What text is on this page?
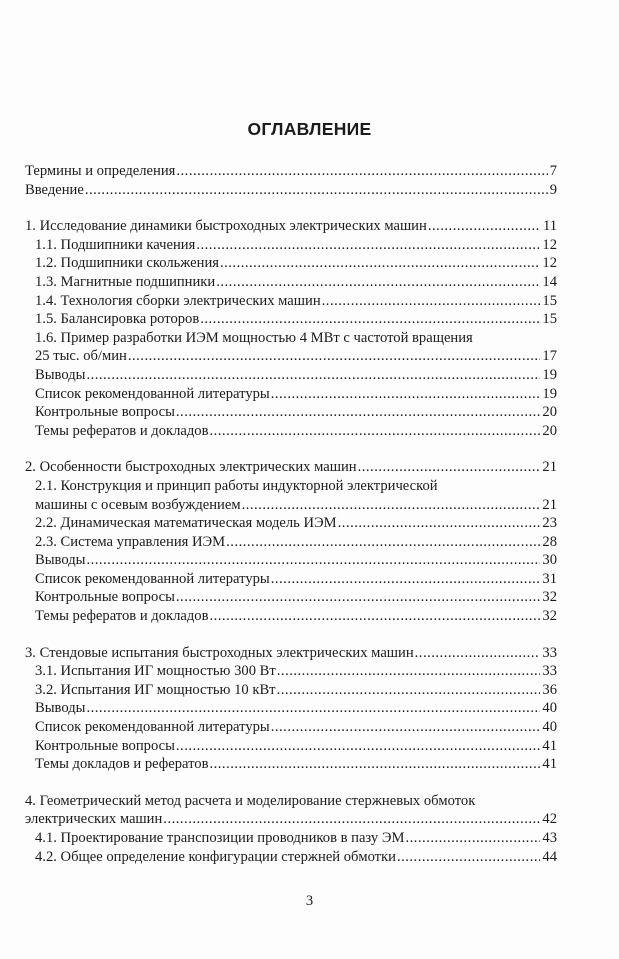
ОГЛАВЛЕНИЕ
Термины и определения .....	7
Введение .....	9
1. Исследование динамики быстроходных электрических машин .....	11
1.1. Подшипники качения .....	12
1.2. Подшипники скольжения .....	12
1.3. Магнитные подшипники .....	14
1.4. Технология сборки электрических машин .....	15
1.5. Балансировка роторов .....	15
1.6. Пример разработки ИЭМ мощностью 4 МВт с частотой вращения
25 тыс. об/мин .....	17
Выводы .....	19
Список рекомендованной литературы .....	19
Контрольные вопросы .....	20
Темы рефератов и докладов .....	20
2. Особенности быстроходных электрических машин .....	21
2.1. Конструкция и принцип работы индукторной электрической
машины с осевым возбуждением .....	21
2.2. Динамическая математическая модель ИЭМ .....	23
2.3. Система управления ИЭМ .....	28
Выводы .....	30
Список рекомендованной литературы .....	31
Контрольные вопросы .....	32
Темы рефератов и докладов .....	32
3. Стендовые испытания быстроходных электрических машин .....	33
3.1. Испытания ИГ мощностью 300 Вт .....	33
3.2. Испытания ИГ мощностью 10 кВт .....	36
Выводы .....	40
Список рекомендованной литературы .....	40
Контрольные вопросы .....	41
Темы докладов и рефератов .....	41
4. Геометрический метод расчета и моделирование стержневых обмоток
электрических машин .....	42
4.1. Проектирование транспозиции проводников в пазу ЭМ .....	43
4.2. Общее определение конфигурации стержней обмотки .....	44
3
